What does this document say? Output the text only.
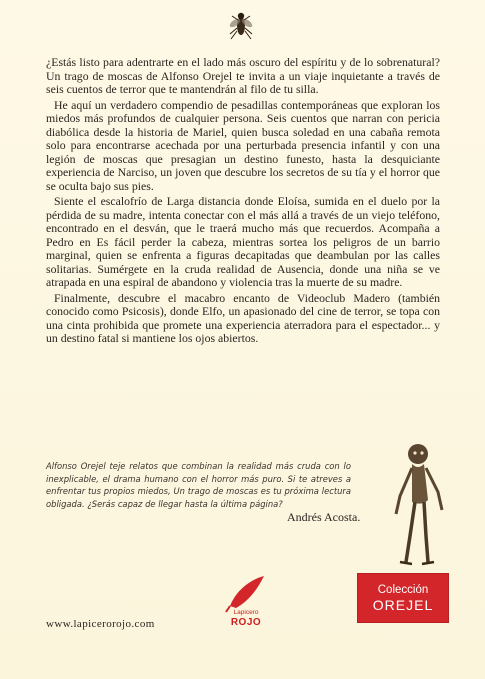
¿Estás listo para adentrarte en el lado más oscuro del espíritu y de lo sobrenatural? Un trago de moscas de Alfonso Orejel te invita a un viaje inquietante a través de seis cuentos de terror que te mantendrán al filo de tu silla.

He aquí un verdadero compendio de pesadillas contemporáneas que exploran los miedos más profundos de cualquier persona. Seis cuentos que narran con pericia diabólica desde la historia de Mariel, quien busca soledad en una cabaña remota solo para encontrarse acechada por una perturbada presencia infantil y con una legión de moscas que presagian un destino funesto, hasta la desquiciante experiencia de Narciso, un joven que descubre los secretos de su tía y el horror que se oculta bajo sus pies.

Siente el escalofrío de Larga distancia donde Eloísa, sumida en el duelo por la pérdida de su madre, intenta conectar con el más allá a través de un viejo teléfono, encontrado en el desván, que le traerá mucho más que recuerdos. Acompaña a Pedro en Es fácil perder la cabeza, mientras sortea los peligros de un barrio marginal, quien se enfrenta a figuras decapitadas que deambulan por las calles solitarias. Sumérgete en la cruda realidad de Ausencia, donde una niña se ve atrapada en una espiral de abandono y violencia tras la muerte de su madre.

Finalmente, descubre el macabro encanto de Videoclub Madero (también conocido como Psicosis), donde Elfo, un apasionado del cine de terror, se topa con una cinta prohibida que promete una experiencia aterradora para el espectador... y un destino fatal si mantiene los ojos abiertos.

Alfonso Orejel teje relatos que combinan la realidad más cruda con lo inexplicable, el drama humano con el horror más puro. Si te atreves a enfrentar tus propios miedos, Un trago de moscas es tu próxima lectura obligada. ¿Serás capaz de llegar hasta la última página?
Andrés Acosta.
www.lapicerorojo.com
Lapicero
ROJO
Colección
OREJEL
